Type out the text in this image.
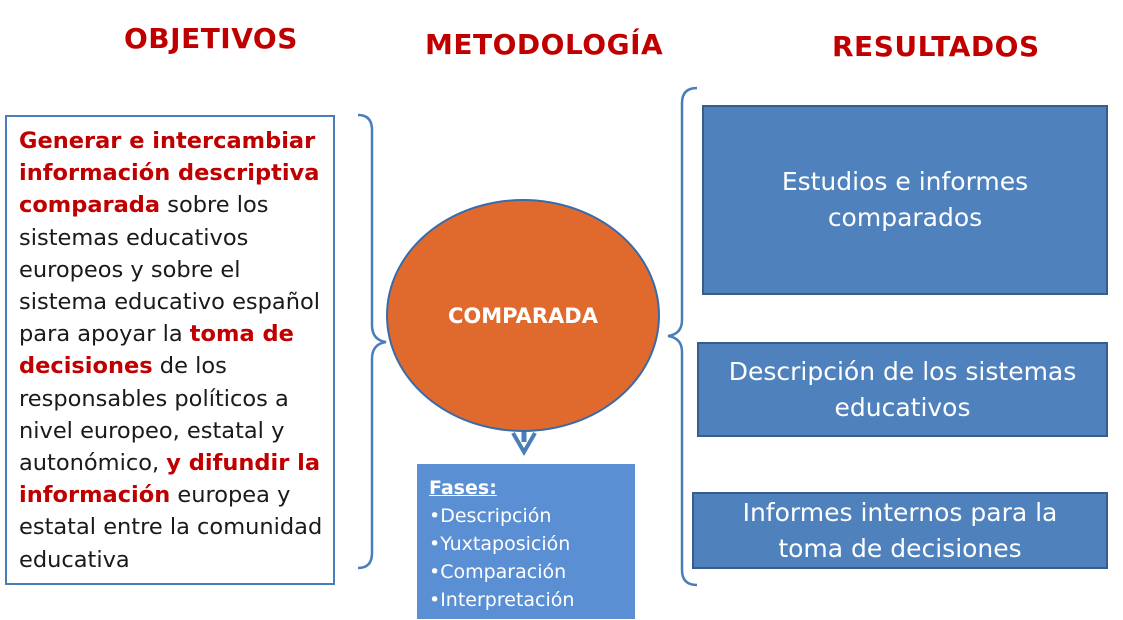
OBJETIVOS	METODOLOGÍA	RESULTADOS
Generar e intercambiar información descriptiva comparada sobre los sistemas educativos europeos y sobre el sistema educativo español para apoyar la toma de decisiones de los responsables políticos a nivel europeo, estatal y autonómico, y difundir la información europea y estatal entre la comunidad educativa
COMPARADA
Fases:
•Descripción
•Yuxtaposición
•Comparación
•Interpretación
Estudios e informes comparados
Descripción de los sistemas educativos
Informes internos para la toma de decisiones
